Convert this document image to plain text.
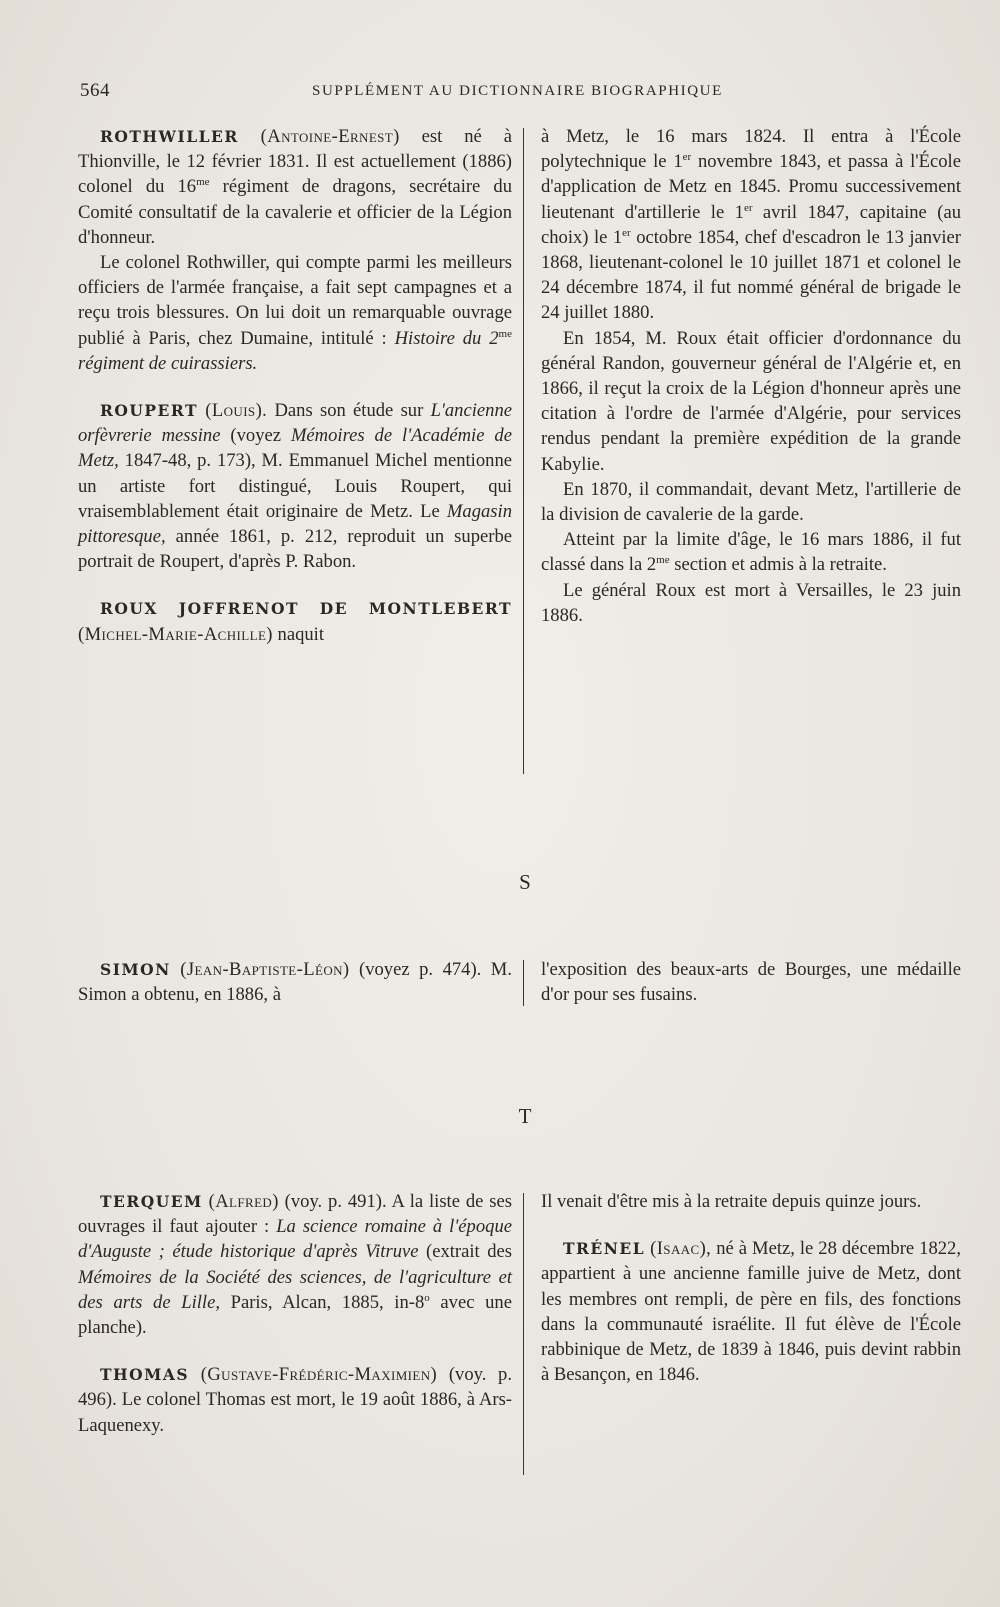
564	SUPPLÉMENT AU DICTIONNAIRE BIOGRAPHIQUE

ROTHWILLER (Antoine-Ernest) est né à Thionville, le 12 février 1831. Il est actuellement (1886) colonel du $16^{me}$ régiment de dragons, secrétaire du Comité consultatif de la cavalerie et officier de la Légion d'honneur.

Le colonel Rothwiller, qui compte parmi les meilleurs officiers de l'armée française, a fait sept campagnes et a reçu trois blessures. On lui doit un remarquable ouvrage publié à Paris, chez Dumaine, intitulé : Histoire du $2^{me}$ régiment de cuirassiers.

ROUPERT (Louis). Dans son étude sur L'ancienne orfèvrerie messine (voyez Mémoires de l'Académie de Metz, 1847-48, p. 173), M. Emmanuel Michel mentionne un artiste fort distingué, Louis Roupert, qui vraisemblablement était originaire de Metz. Le Magasin pittoresque, année 1861, p. 212, reproduit un superbe portrait de Roupert, d'après P. Rabon.

ROUX JOFFRENOT DE MONTLEBERT (Michel-Marie-Achille) naquit

à Metz, le 16 mars 1824. Il entra à l'École polytechnique le 1er novembre 1843, et passa à l'École d'application de Metz en 1845. Promu successivement lieutenant d'artillerie le 1er avril 1847, capitaine (au choix) le 1er octobre 1854, chef d'escadron le 13 janvier 1868, lieutenant-colonel le 10 juillet 1871 et colonel le 24 décembre 1874, il fut nommé général de brigade le 24 juillet 1880.

En 1854, M. Roux était officier d'ordonnance du général Randon, gouverneur général de l'Algérie et, en 1866, il reçut la croix de la Légion d'honneur après une citation à l'ordre de l'armée d'Algérie, pour services rendus pendant la première expédition de la grande Kabylie.

En 1870, il commandait, devant Metz, l'artillerie de la division de cavalerie de la garde.

Atteint par la limite d'âge, le 16 mars 1886, il fut classé dans la $2^{me}$ section et admis à la retraite.

Le général Roux est mort à Versailles, le 23 juin 1886.

S

SIMON (Jean-Baptiste-Léon) (voyez p. 474). M. Simon a obtenu, en 1886, à

l'exposition des beaux-arts de Bourges, une médaille d'or pour ses fusains.

T

TERQUEM (Alfred) (voy. p. 491). A la liste de ses ouvrages il faut ajouter : La science romaine à l'époque d'Auguste ; étude historique d'après Vitruve (extrait des Mémoires de la Société des sciences, de l'agriculture et des arts de Lille, Paris, Alcan, 1885, in-8$^o$ avec une planche).

THOMAS (Gustave-Frédéric-Maximien) (voy. p. 496). Le colonel Thomas est mort, le 19 août 1886, à Ars-Laquenexy.

Il venait d'être mis à la retraite depuis quinze jours.

TRÉNEL (Isaac), né à Metz, le 28 décembre 1822, appartient à une ancienne famille juive de Metz, dont les membres ont rempli, de père en fils, des fonctions dans la communauté israélite. Il fut élève de l'École rabbinique de Metz, de 1839 à 1846, puis devint rabbin à Besançon, en 1846.
